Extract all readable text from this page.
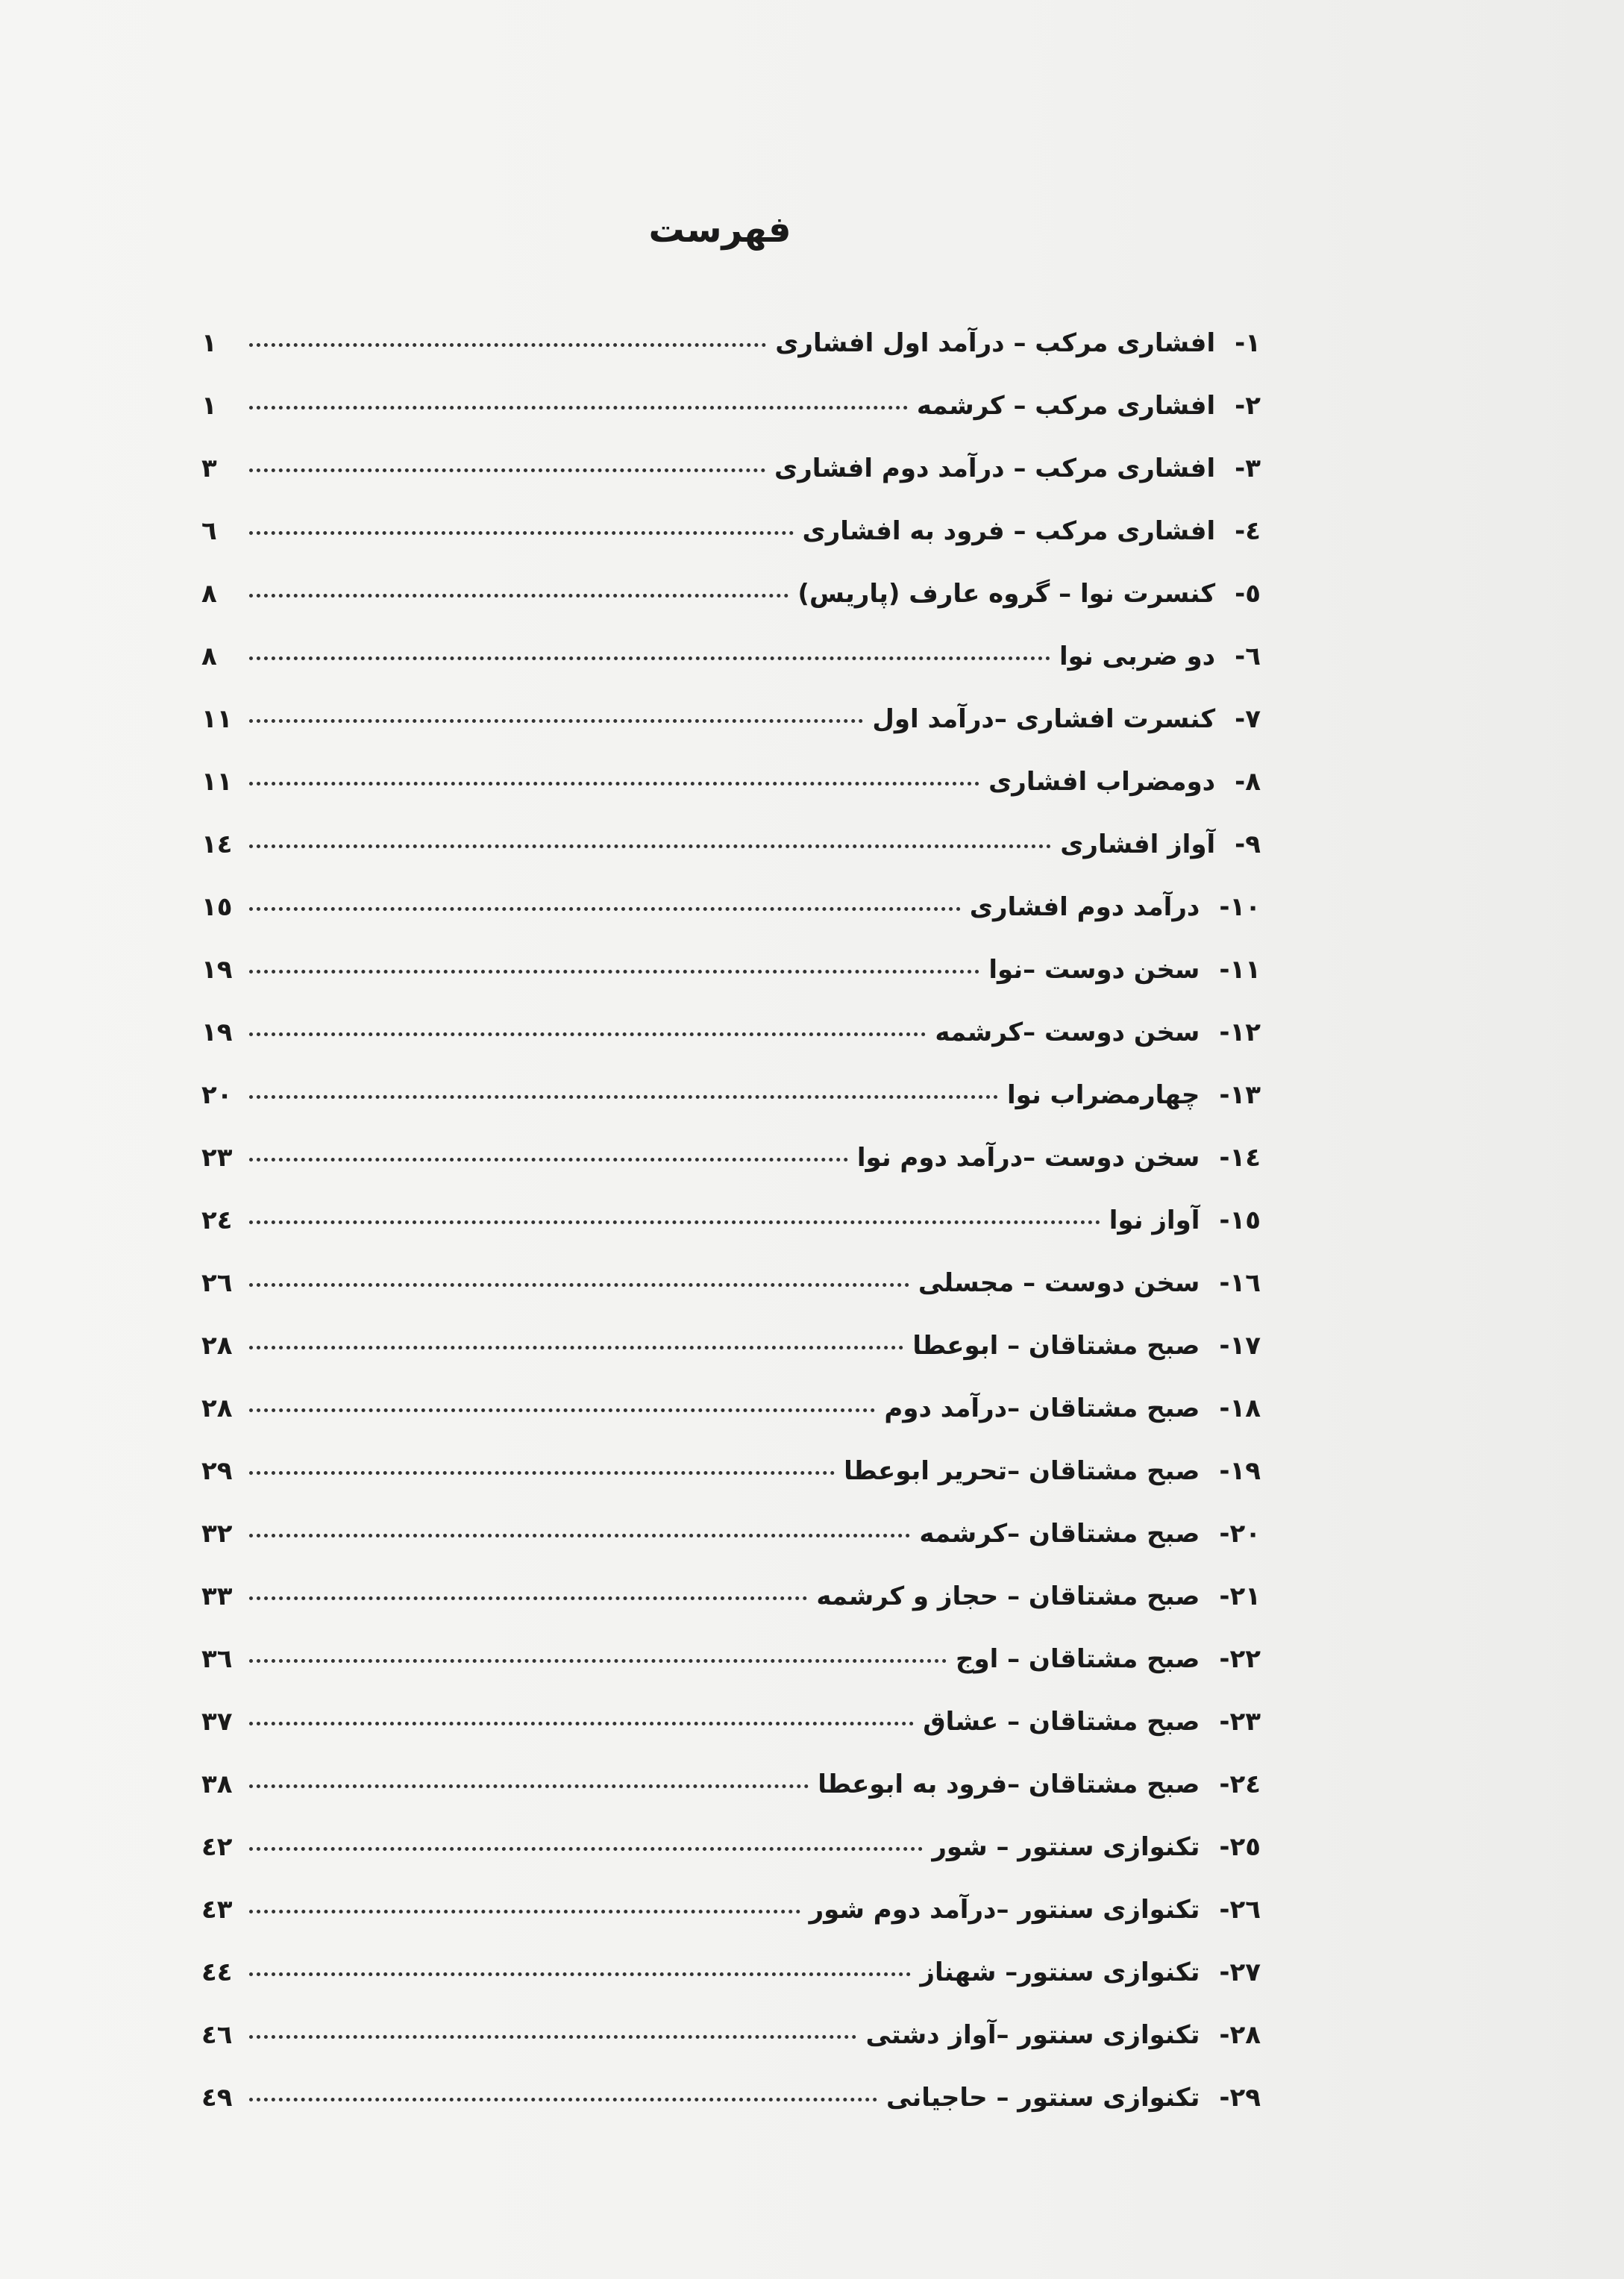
فهرست
۱-
افشاری مرکب – درآمد اول افشاری
۱
۲-
افشاری مرکب – کرشمه
۱
۳-
افشاری مرکب – درآمد دوم افشاری
۳
٤-
افشاری مرکب – فرود به افشاری
٦
٥-
کنسرت نوا – گروه عارف (پاریس)
۸
٦-
دو ضربی نوا
۸
۷-
کنسرت افشاری –درآمد اول
۱۱
۸-
دومضراب افشاری
۱۱
۹-
آواز افشاری
۱٤
۱۰-
درآمد دوم افشاری
۱٥
۱۱-
سخن دوست –نوا
۱۹
۱۲-
سخن دوست –کرشمه
۱۹
۱۳-
چهارمضراب نوا
۲۰
۱٤-
سخن دوست –درآمد دوم نوا
۲۳
۱٥-
آواز نوا
۲٤
۱٦-
سخن دوست – مجسلی
۲٦
۱۷-
صبح مشتاقان – ابوعطا
۲۸
۱۸-
صبح مشتاقان –درآمد دوم
۲۸
۱۹-
صبح مشتاقان –تحریر ابوعطا
۲۹
۲۰-
صبح مشتاقان –کرشمه
۳۲
۲۱-
صبح مشتاقان – حجاز و کرشمه
۳۳
۲۲-
صبح مشتاقان – اوج
۳٦
۲۳-
صبح مشتاقان – عشاق
۳۷
۲٤-
صبح مشتاقان –فرود به ابوعطا
۳۸
۲٥-
تکنوازی سنتور – شور
٤۲
۲٦-
تکنوازی سنتور –درآمد دوم شور
٤۳
۲۷-
تکنوازی سنتور– شهناز
٤٤
۲۸-
تکنوازی سنتور –آواز دشتی
٤٦
۲۹-
تکنوازی سنتور – حاجیانی
٤۹
